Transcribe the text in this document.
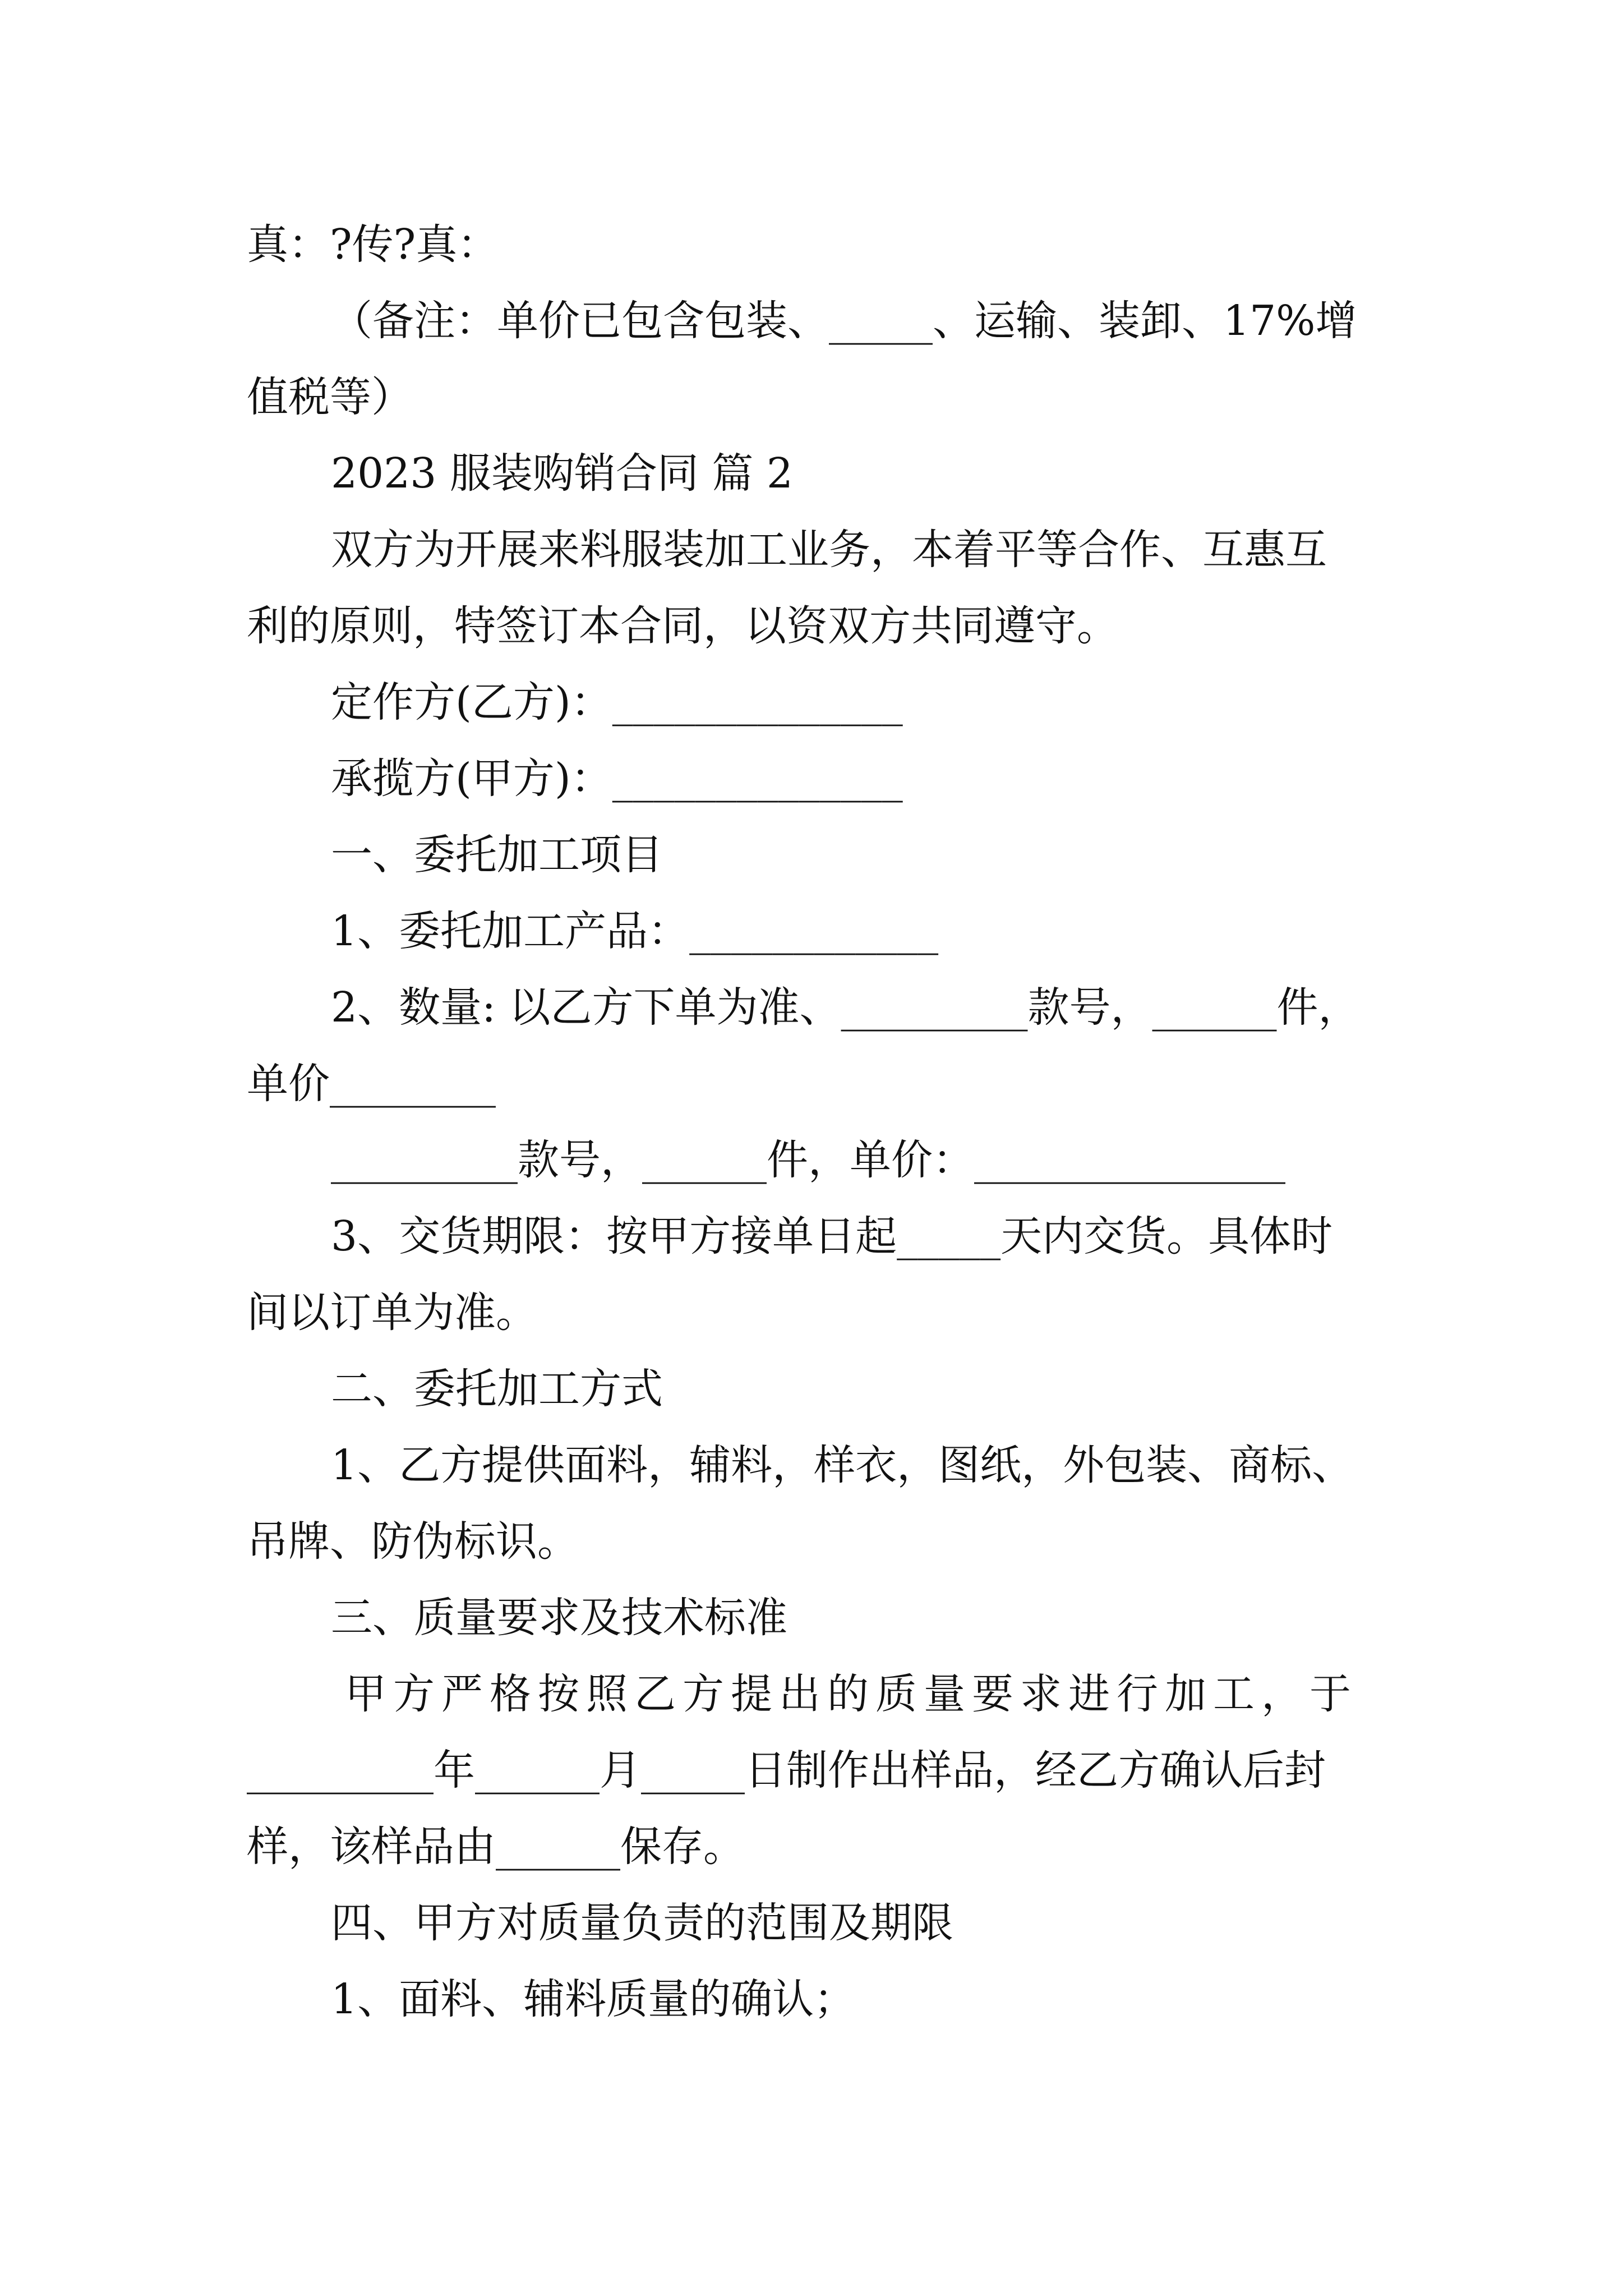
真：?传?真：

（备注：单价已包含包装、_____、运输、装卸、17%增

值税等）

2023 服装购销合同 篇 2

双方为开展来料服装加工业务，本着平等合作、互惠互

利的原则，特签订本合同，以资双方共同遵守。

定作方(乙方)：______________

承揽方(甲方)：______________

一、委托加工项目

1、委托加工产品：____________

2、数量: 以乙方下单为准、_________款号，______件，

单价________

_________款号，______件，单价：_______________

3、交货期限：按甲方接单日起_____天内交货。具体时

间以订单为准。

二、委托加工方式

1、乙方提供面料，辅料，样衣，图纸，外包装、商标、

吊牌、防伪标识。

三、质量要求及技术标准

甲方严格按照乙方提出的质量要求进行加工，于

_________年______月_____日制作出样品，经乙方确认后封

样，该样品由______保存。

四、甲方对质量负责的范围及期限

1、面料、辅料质量的确认；
